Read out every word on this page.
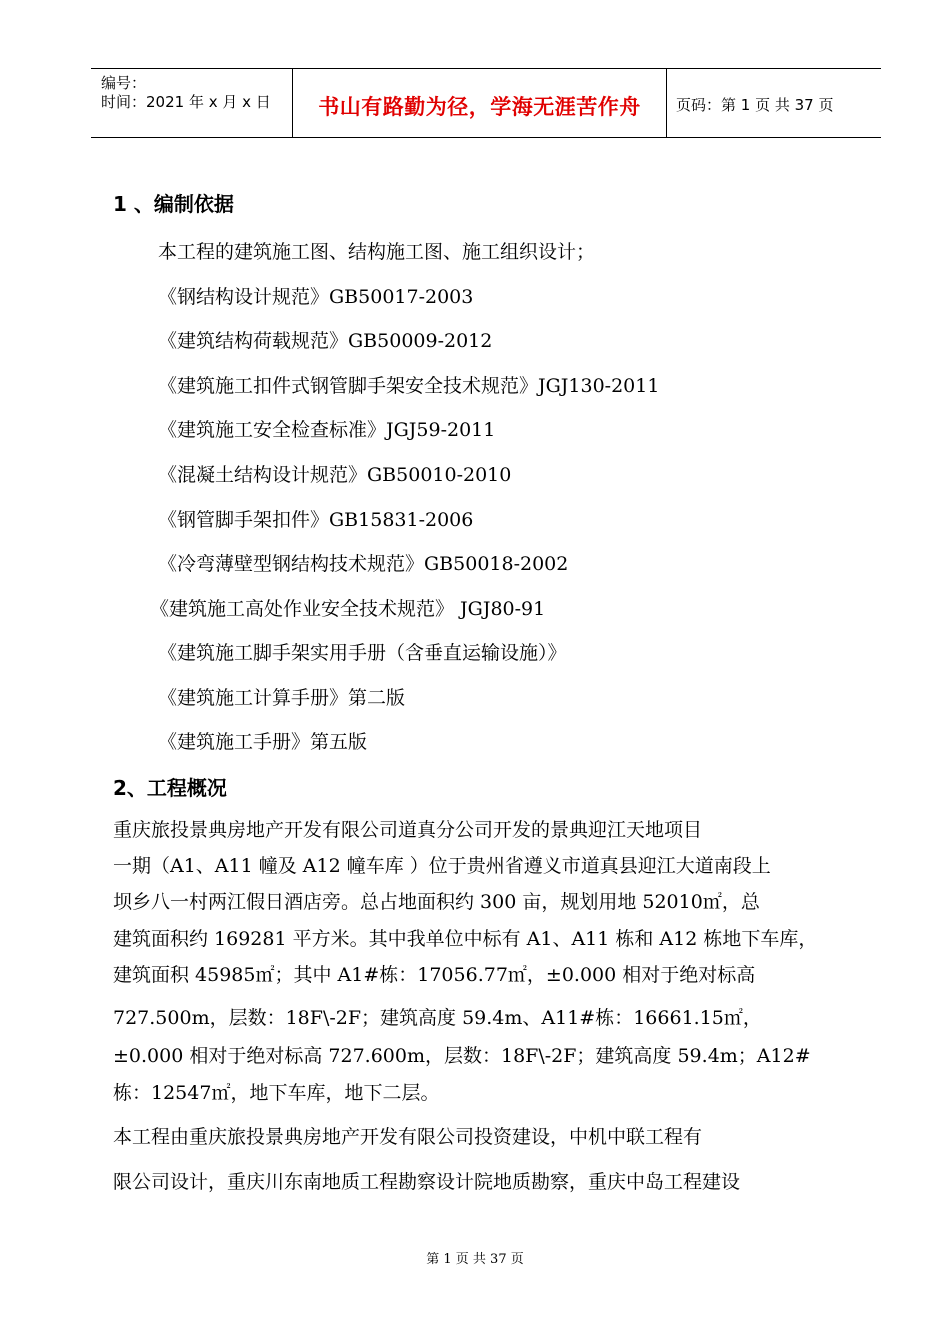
编号：
时间：2021 年 x 月 x 日	书山有路勤为径，学海无涯苦作舟	页码：第 1 页 共 37 页
1 、编制依据
本工程的建筑施工图、结构施工图、施工组织设计；
《钢结构设计规范》GB50017-2003
《建筑结构荷载规范》GB50009-2012
《建筑施工扣件式钢管脚手架安全技术规范》JGJ130-2011
《建筑施工安全检查标准》JGJ59-2011
《混凝土结构设计规范》GB50010-2010
《钢管脚手架扣件》GB15831-2006
《冷弯薄壁型钢结构技术规范》GB50018-2002
《建筑施工高处作业安全技术规范》 JGJ80-91
《建筑施工脚手架实用手册（含垂直运输设施）》
《建筑施工计算手册》第二版
《建筑施工手册》第五版
2、工程概况
重庆旅投景典房地产开发有限公司道真分公司开发的景典迎江天地项目
一期（A1、A11 幢及 A12 幢车库 ）位于贵州省遵义市道真县迎江大道南段上
坝乡八一村两江假日酒店旁。总占地面积约 300 亩，规划用地 52010㎡，总
建筑面积约 169281 平方米。其中我单位中标有 A1、A11 栋和 A12 栋地下车库，
建筑面积 45985㎡；其中 A1#栋：17056.77㎡，±0.000 相对于绝对标高
727.500m，层数：18F\-2F；建筑高度 59.4m、A11#栋：16661.15㎡，
±0.000 相对于绝对标高 727.600m，层数：18F\-2F；建筑高度 59.4m；A12#
栋：12547㎡，地下车库，地下二层。
本工程由重庆旅投景典房地产开发有限公司投资建设，中机中联工程有
限公司设计，重庆川东南地质工程勘察设计院地质勘察，重庆中岛工程建设
第 1 页 共 37 页
